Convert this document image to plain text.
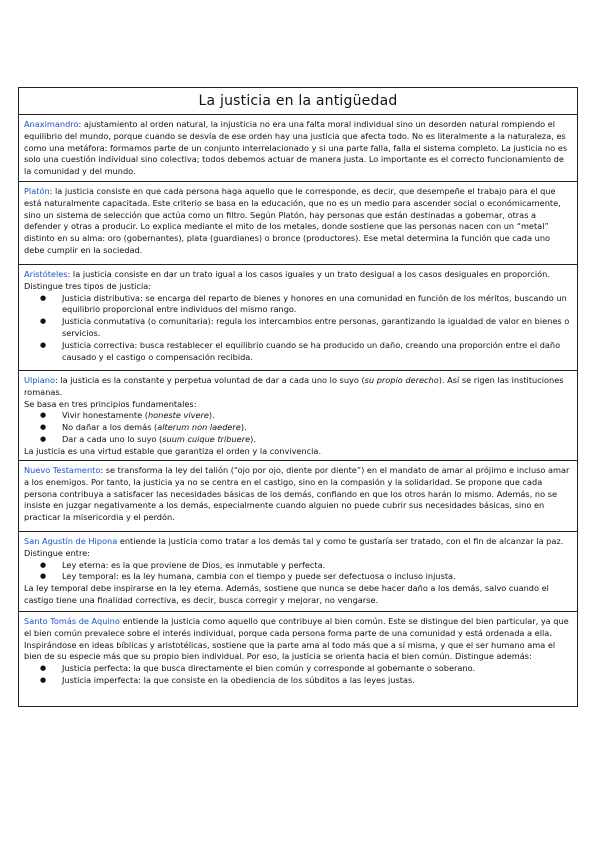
La justicia en la antigüedad

Anaximandro: ajustamiento al orden natural, la injusticia no era una falta moral individual sino un desorden natural rompiendo el equilibrio del mundo, porque cuando se desvía de ese orden hay una justicia que afecta todo. No es literalmente a la naturaleza, es como una metáfora: formamos parte de un conjunto interrelacionado y si una parte falla, falla el sistema completo. La justicia no es solo una cuestión individual sino colectiva; todos debemos actuar de manera justa. Lo importante es el correcto funcionamiento de la comunidad y del mundo.

Platón: la justicia consiste en que cada persona haga aquello que le corresponde, es decir, que desempeñe el trabajo para el que está naturalmente capacitada. Este criterio se basa en la educación, que no es un medio para ascender social o económicamente, sino un sistema de selección que actúa como un filtro. Según Platón, hay personas que están destinadas a gobernar, otras a defender y otras a producir. Lo explica mediante el mito de los metales, donde sostiene que las personas nacen con un “metal” distinto en su alma: oro (gobernantes), plata (guardianes) o bronce (productores). Ese metal determina la función que cada uno debe cumplir en la sociedad.

Aristóteles: la justicia consiste en dar un trato igual a los casos iguales y un trato desigual a los casos desiguales en proporción. Distingue tres tipos de justicia:

● Justicia distributiva: se encarga del reparto de bienes y honores en una comunidad en función de los méritos, buscando un equilibrio proporcional entre individuos del mismo rango.
● Justicia conmutativa (o comunitaria): regula los intercambios entre personas, garantizando la igualdad de valor en bienes o servicios.
● Justicia correctiva: busca restablecer el equilibrio cuando se ha producido un daño, creando una proporción entre el daño causado y el castigo o compensación recibida.

Ulpiano: la justicia es la constante y perpetua voluntad de dar a cada uno lo suyo (su propio derecho). Así se rigen las instituciones romanas.

Se basa en tres principios fundamentales:

● Vivir honestamente (honeste vivere).
● No dañar a los demás (alterum non laedere).
● Dar a cada uno lo suyo (suum cuique tribuere).

La justicia es una virtud estable que garantiza el orden y la convivencia.

Nuevo Testamento: se transforma la ley del talión (“ojo por ojo, diente por diente”) en el mandato de amar al prójimo e incluso amar a los enemigos. Por tanto, la justicia ya no se centra en el castigo, sino en la compasión y la solidaridad. Se propone que cada persona contribuya a satisfacer las necesidades básicas de los demás, confiando en que los otros harán lo mismo. Además, no se insiste en juzgar negativamente a los demás, especialmente cuando alguien no puede cubrir sus necesidades básicas, sino en practicar la misericordia y el perdón.

San Agustín de Hipona entiende la justicia como tratar a los demás tal y como te gustaría ser tratado, con el fin de alcanzar la paz. Distingue entre:

● Ley eterna: es la que proviene de Dios, es inmutable y perfecta.
● Ley temporal: es la ley humana, cambia con el tiempo y puede ser defectuosa o incluso injusta.

La ley temporal debe inspirarse en la ley eterna. Además, sostiene que nunca se debe hacer daño a los demás, salvo cuando el castigo tiene una finalidad correctiva, es decir, busca corregir y mejorar, no vengarse.

Santo Tomás de Aquino entiende la justicia como aquello que contribuye al bien común. Este se distingue del bien particular, ya que el bien común prevalece sobre el interés individual, porque cada persona forma parte de una comunidad y está ordenada a ella. Inspirándose en ideas bíblicas y aristotélicas, sostiene que la parte ama al todo más que a sí misma, y que el ser humano ama el bien de su especie más que su propio bien individual. Por eso, la justicia se orienta hacia el bien común. Distingue además:

● Justicia perfecta: la que busca directamente el bien común y corresponde al gobernante o soberano.
● Justicia imperfecta: la que consiste en la obediencia de los súbditos a las leyes justas.
